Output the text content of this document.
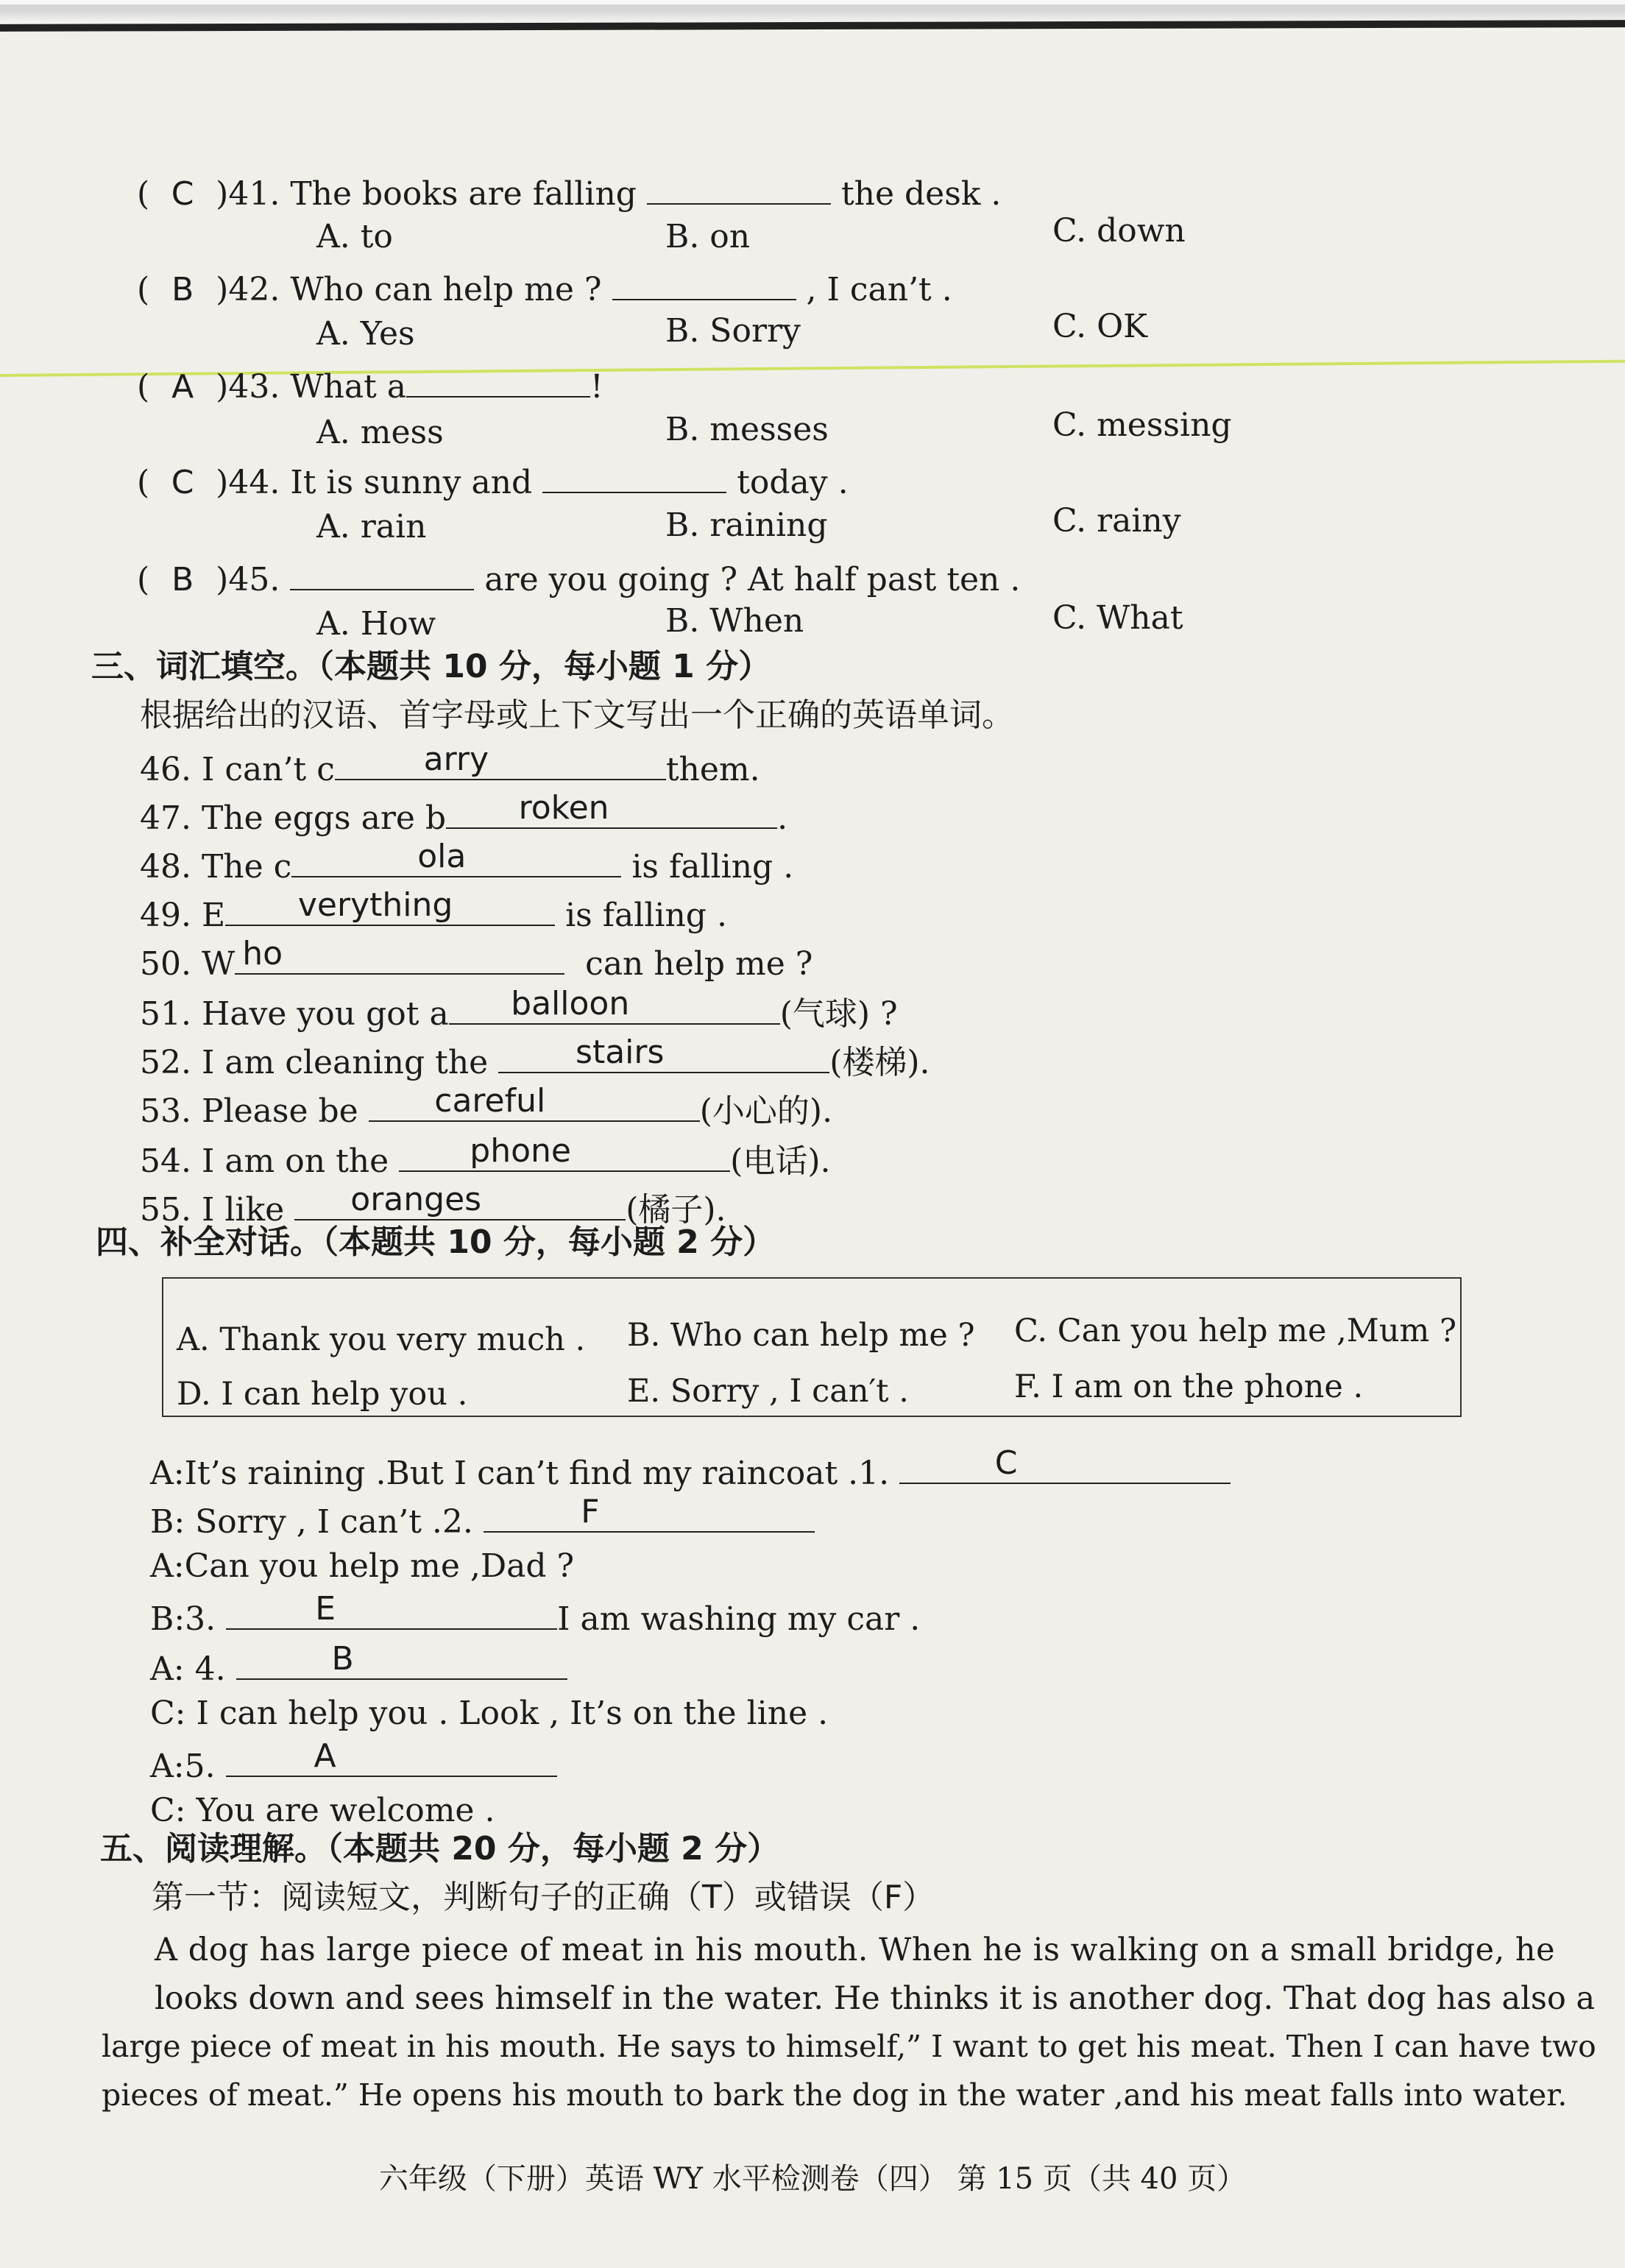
( C )41. The books are falling	the desk .
A. to	B. on	C. down
( B )42. Who can help me ?	, I can’t .
A. Yes	B. Sorry	C. OK
( A )43. What a	!
A. mess	B. messes	C. messing
( C )44. It is sunny and	today .
A. rain	B. raining	C. rainy
( B )45.	are you going ? At half past ten .
A. How	B. When	C. What
三、词汇填空。（本题共 10 分，每小题 1 分）
根据给出的汉语、首字母或上下文写出一个正确的英语单词。
46. I can’t c	arry	them.
47. The eggs are b	roken	.
48. The c	ola	is falling .
49. E	verything	is falling .
50. W ho	can help me ?
51. Have you got a	balloon	(气球) ?
52. I am cleaning the	stairs	(楼梯).
53. Please be	careful	(小心的).
54. I am on the	phone	(电话).
55. I like	oranges	(橘子).
四、补全对话。（本题共 10 分，每小题 2 分）
A. Thank you very much . B. Who can help me ? C. Can you help me ,Mum ?
D. I can help you .	E. Sorry , I can′t .	F. I am on the phone .
A:It’s raining .But I can’t find my raincoat .1.	C
B: Sorry , I can’t .2.	F
A:Can you help me ,Dad ?
B:3.	E	I am washing my car .
A: 4.	B
C: I can help you . Look , It’s on the line .
A:5.	A
C: You are welcome .
五、阅读理解。（本题共 20 分，每小题 2 分）
第一节：阅读短文，判断句子的正确（T）或错误（F）
A dog has large piece of meat in his mouth. When he is walking on a small bridge, he
looks down and sees himself in the water. He thinks it is another dog. That dog has also a
large piece of meat in his mouth. He says to himself,” I want to get his meat. Then I can have two
pieces of meat.” He opens his mouth to bark the dog in the water ,and his meat falls into water.
六年级（下册）英语 WY 水平检测卷（四） 第 15 页（共 40 页）
